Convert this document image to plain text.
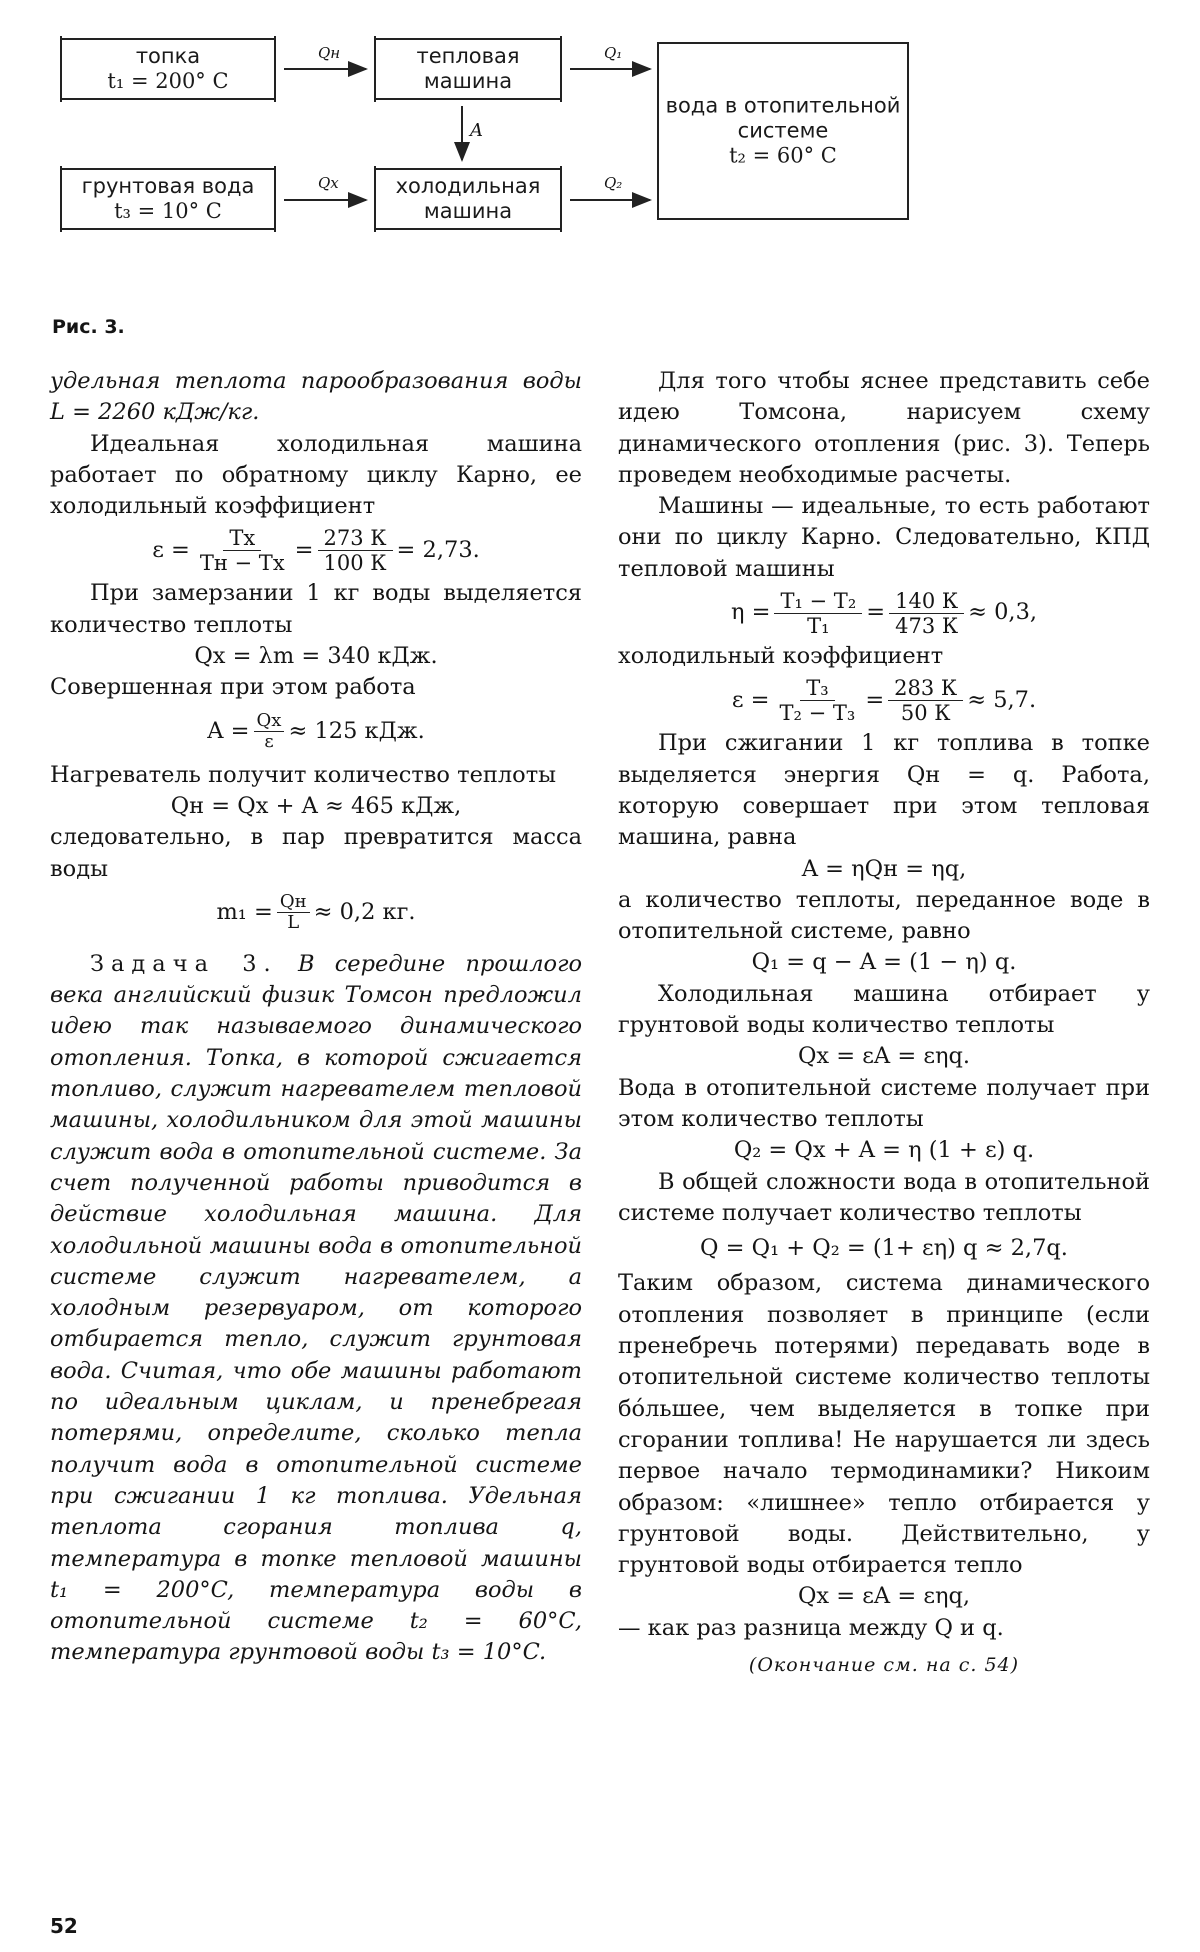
топка
t₁ = 200° C
тепловая
машина
грунтовая вода
t₃ = 10° C
холодильная
машина
вода в отопительной
системе
t₂ = 60° C
Qн	Q₁
A
Qx	Q₂
Рис. 3.

удельная теплота парообразования воды L = 2260 кДж/кг.

Идеальная холодильная машина работает по обратному циклу Карно, ее холодильный коэффициент

$\varepsilon = \frac{Tх}{Tн - Tх} = \frac{273 К}{100 К} = 2,73$.

При замерзании 1 кг воды выделяется количество теплоты

Qх = λm = 340 кДж.

Совершенная при этом работа

$A = \frac{Qх}{\varepsilon} \approx 125$ кДж.

Нагреватель получит количество теплоты

Qн = Qх + A ≈ 465 кДж,

следовательно, в пар превратится масса воды

$m_1 = \frac{Qн}{L} \approx 0,2$ кг.

Задача 3. В середине прошлого века английский физик Томсон предложил идею так называемого динамического отопления. Топка, в которой сжигается топливо, служит нагревателем тепловой машины, холодильником для этой машины служит вода в отопительной системе. За счет полученной работы приводится в действие холодильная машина. Для холодильной машины вода в отопительной системе служит нагревателем, а холодным резервуаром, от которого отбирается тепло, служит грунтовая вода. Считая, что обе машины работают по идеальным циклам, и пренебрегая потерями, определите, сколько тепла получит вода в отопительной системе при сжигании 1 кг топлива. Удельная теплота сгорания топлива q, температура в топке тепловой машины t₁ = 200°C, температура воды в отопительной системе t₂ = 60°C, температура грунтовой воды t₃ = 10°C.

Для того чтобы яснее представить себе идею Томсона, нарисуем схему динамического отопления (рис. 3). Теперь проведем необходимые расчеты.

Машины — идеальные, то есть работают они по циклу Карно. Следовательно, КПД тепловой машины

$\eta = \frac{\text{T₁ − T₂}}{\text{T₁}} = \frac{140 К}{473 К} \approx 0,3$,

холодильный коэффициент

$\varepsilon = \frac{\text{T₃}}{\text{T₂ − T₃}} = \frac{283 К}{50 К} \approx 5,7$.

При сжигании 1 кг топлива в топке выделяется энергия Qн = q. Работа, которую совершает при этом тепловая машина, равна

A = ηQн = ηq,

а количество теплоты, переданное воде в отопительной системе, равно

Q₁ = q − A = (1 − η) q.

Холодильная машина отбирает у грунтовой воды количество теплоты

Qх = εA = εηq.

Вода в отопительной системе получает при этом количество теплоты

Q₂ = Qх + A = η (1 + ε) q.

В общей сложности вода в отопительной системе получает количество теплоты

Q = Q₁ + Q₂ = (1+ εη) q ≈ 2,7q.

Таким образом, система динамического отопления позволяет в принципе (если пренебречь потерями) передавать воде в отопительной системе количество теплоты бо́льшее, чем выделяется в топке при сгорании топлива! Не нарушается ли здесь первое начало термодинамики? Никоим образом: «лишнее» тепло отбирается у грунтовой воды. Действительно, у грунтовой воды отбирается тепло

Qх = εA = εηq,

— как раз разница между Q и q.

(Окончание см. на с. 54)

52
